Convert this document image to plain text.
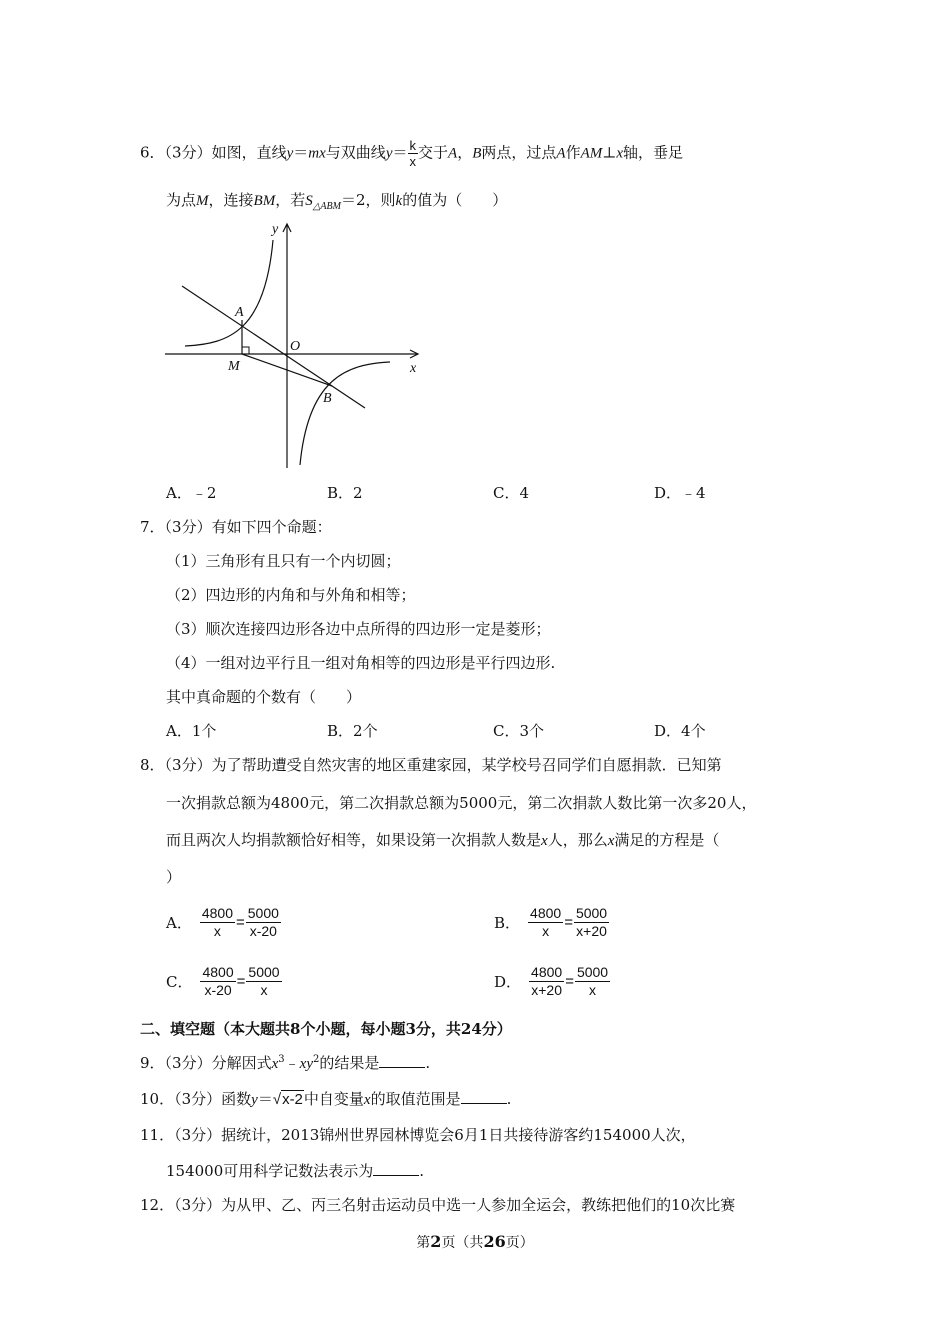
6．（3分）如图，直线y＝mx与双曲线$y= \frac{k}{x}$ 交于A，B两点，过点A作AM⊥x轴，垂足
为点M，连接BM，若$S_{\triangle ABM}=2$，则k的值为（　　）
y
x
O
A
B
M
A．﹣2	B．2	C．4	D．﹣4
7．（3分）有如下四个命题：
（1）三角形有且只有一个内切圆；
（2）四边形的内角和与外角和相等；
（3）顺次连接四边形各边中点所得的四边形一定是菱形；
（4）一组对边平行且一组对角相等的四边形是平行四边形.
其中真命题的个数有（　　）
A．1个	B．2个	C．3个	D．4个
8．（3分）为了帮助遭受自然灾害的地区重建家园，某学校号召同学们自愿捐款．已知第
一次捐款总额为4800元，第二次捐款总额为5000元，第二次捐款人数比第一次多20人，
而且两次人均捐款额恰好相等，如果设第一次捐款人数是x人，那么x满足的方程是（
）
A． $\frac{4800}{x} = \frac{5000}{x-20}$	B． $\frac{4800}{x} = \frac{5000}{x+20}$
C． $\frac{4800}{x-20} = \frac{5000}{x}$	D． $\frac{4800}{x+20} = \frac{5000}{x}$
二、填空题（本大题共8个小题，每小题3分，共24分）
9．（3分）分解因式$x^3﹣xy^2$的结果是	.
10．（3分）函数y＝√x-2中自变量x的取值范围是	.
11．（3分）据统计，2013锦州世界园林博览会6月1日共接待游客约154000人次，
154000可用科学记数法表示为	.
12．（3分）为从甲、乙、丙三名射击运动员中选一人参加全运会，教练把他们的10次比赛
第2页（共26页）
